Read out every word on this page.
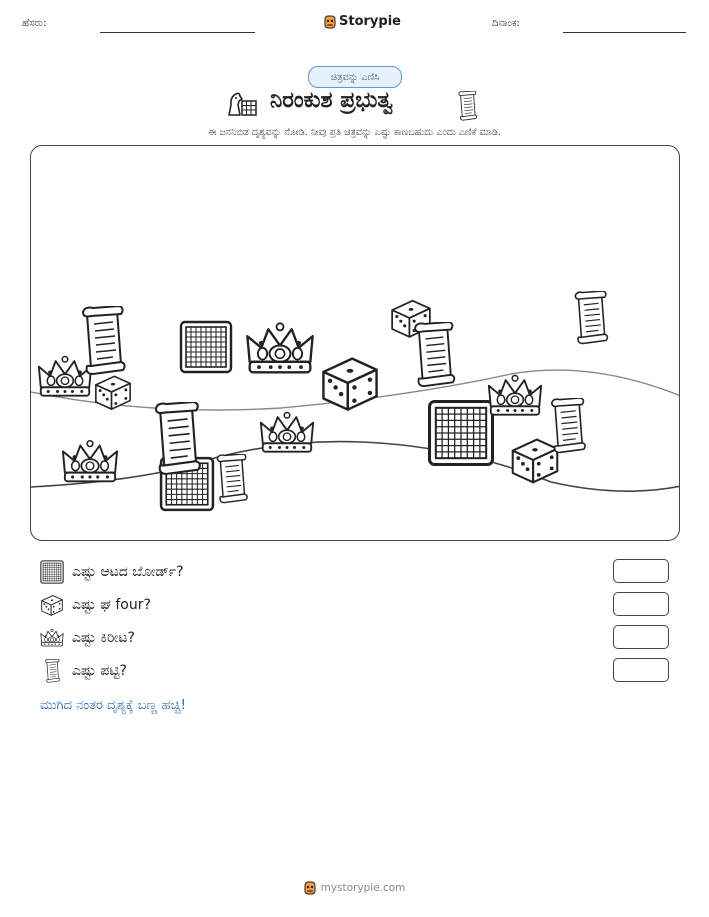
ಹೆಸರು:	Storypie	ದಿನಾಂಕ:
ಚಿತ್ರವನ್ನು ಎಣಿಸಿ
ನಿರಂಕುಶ ಪ್ರಭುತ್ವ
ಈ ಜನನಿಬಿಡ ದೃಶ್ಯವನ್ನು ನೋಡಿ. ನೀವು ಪ್ರತಿ ಚಿತ್ರವನ್ನು ಎಷ್ಟು ಕಾಣಬಹುದು ಎಂದು ಎಣಿಕೆ ಮಾಡಿ.
ಎಷ್ಟು ಆಟದ ಬೋರ್ಡ್?
ಎಷ್ಟು ಘ four?
ಎಷ್ಟು ಕಿರೀಟ?
ಎಷ್ಟು ಪಟ್ಟಿ?
ಮುಗಿದ ನಂತರ ದೃಶ್ಯಕ್ಕೆ ಬಣ್ಣ ಹಚ್ಚಿ!
mystorypie.com
